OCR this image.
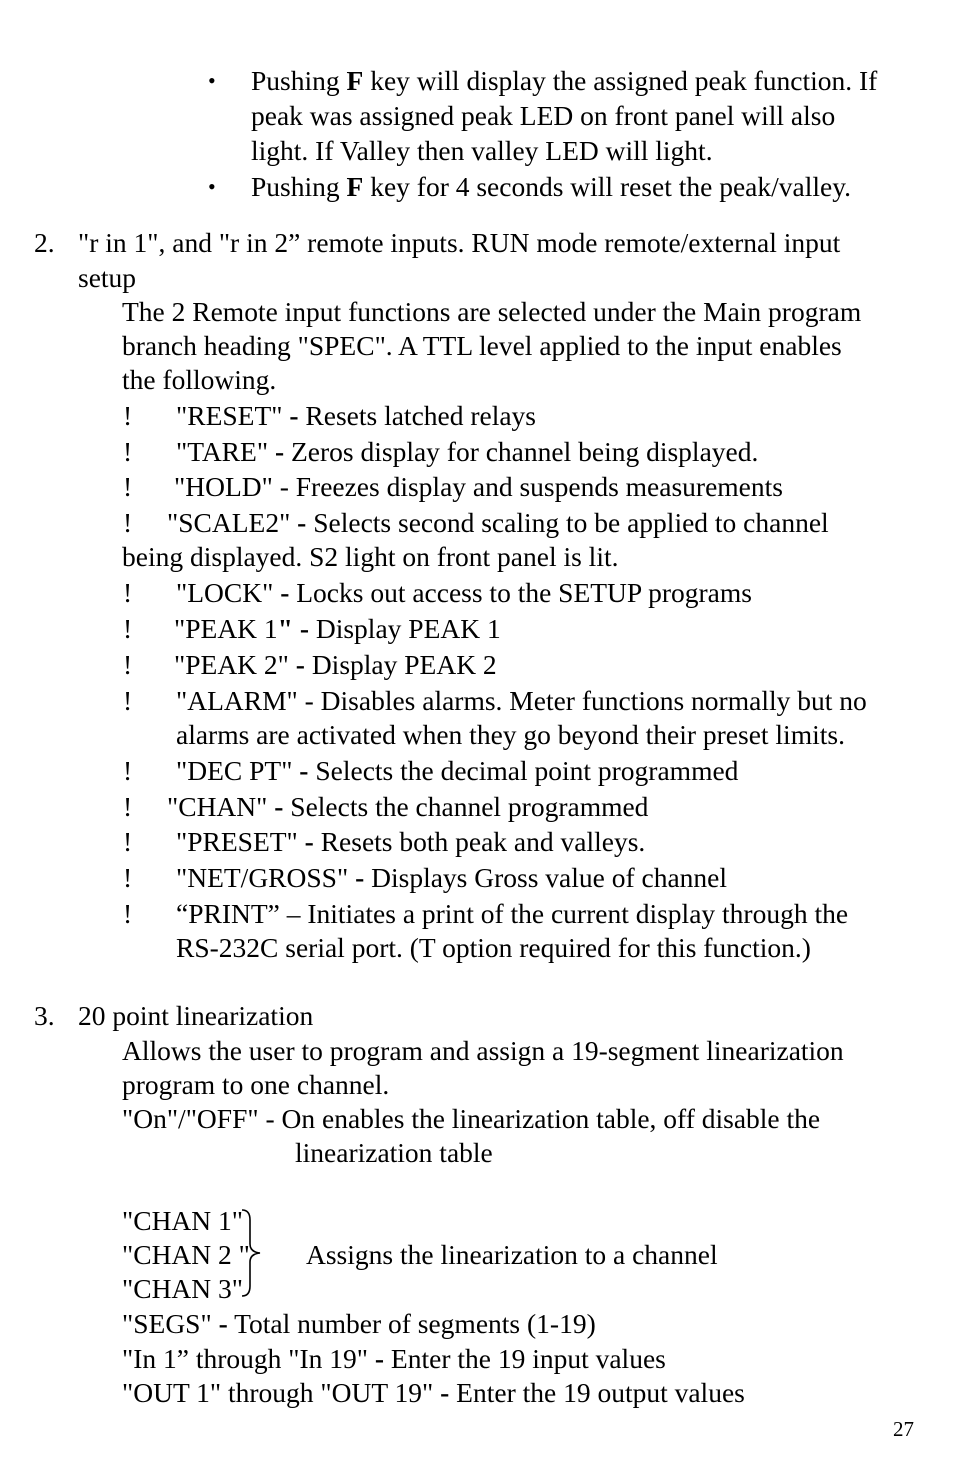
• Pushing F key will display the assigned peak function. If
peak was assigned peak LED on front panel will also
light. If Valley then valley LED will light.
• Pushing F key for 4 seconds will reset the peak/valley.
2. "r in 1", and "r in 2” remote inputs. RUN mode remote/external input
setup
The 2 Remote input functions are selected under the Main program
branch heading "SPEC". A TTL level applied to the input enables
the following.
! "RESET" - Resets latched relays
! "TARE" - Zeros display for channel being displayed.
! "HOLD" - Freezes display and suspends measurements
! "SCALE2" - Selects second scaling to be applied to channel
being displayed. S2 light on front panel is lit.
! "LOCK" - Locks out access to the SETUP programs
! "PEAK 1" - Display PEAK 1
! "PEAK 2" - Display PEAK 2
! "ALARM" - Disables alarms. Meter functions normally but no
alarms are activated when they go beyond their preset limits.
! "DEC PT" - Selects the decimal point programmed
! "CHAN" - Selects the channel programmed
! "PRESET" - Resets both peak and valleys.
! "NET/GROSS" - Displays Gross value of channel
! “PRINT” – Initiates a print of the current display through the
RS-232C serial port. (T option required for this function.)
3. 20 point linearization
Allows the user to program and assign a 19-segment linearization
program to one channel.
"On"/"OFF" - On enables the linearization table, off disable the
linearization table
"CHAN 1"
"CHAN 2 "
"CHAN 3"
Assigns the linearization to a channel
"SEGS" - Total number of segments (1-19)
"In 1” through "In 19" - Enter the 19 input values
"OUT 1" through "OUT 19" - Enter the 19 output values
27
